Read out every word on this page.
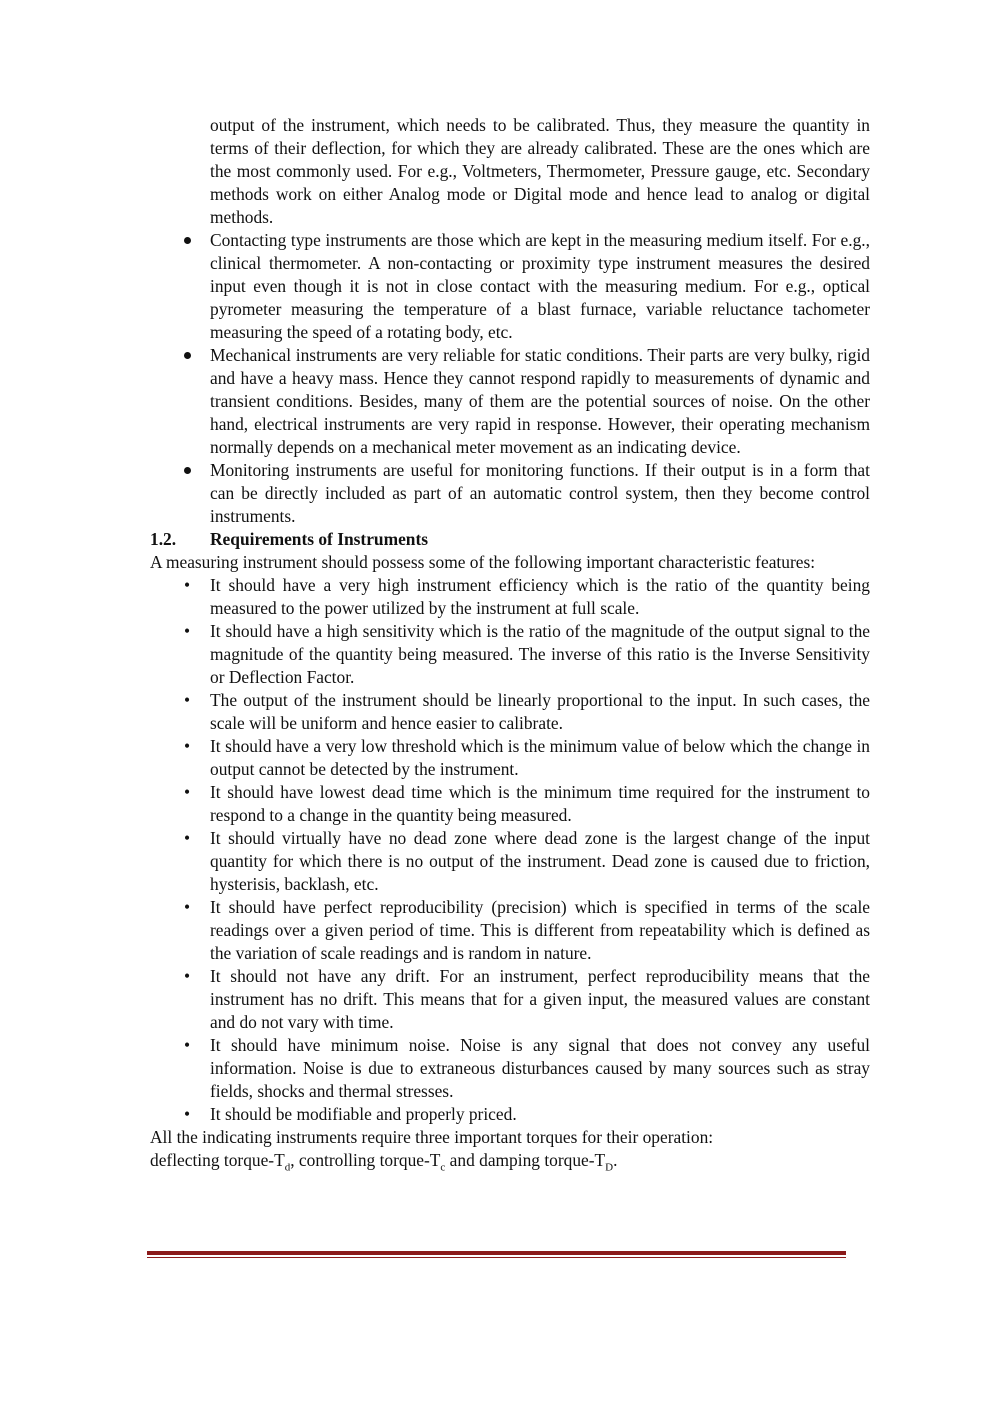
output of the instrument, which needs to be calibrated. Thus, they measure the quantity in terms of their deflection, for which they are already calibrated. These are the ones which are the most commonly used. For e.g., Voltmeters, Thermometer, Pressure gauge, etc. Secondary methods work on either Analog mode or Digital mode and hence lead to analog or digital methods.
Contacting type instruments are those which are kept in the measuring medium itself. For e.g., clinical thermometer. A non-contacting or proximity type instrument measures the desired input even though it is not in close contact with the measuring medium. For e.g., optical pyrometer measuring the temperature of a blast furnace, variable reluctance tachometer measuring the speed of a rotating body, etc.
Mechanical instruments are very reliable for static conditions. Their parts are very bulky, rigid and have a heavy mass. Hence they cannot respond rapidly to measurements of dynamic and transient conditions. Besides, many of them are the potential sources of noise. On the other hand, electrical instruments are very rapid in response. However, their operating mechanism normally depends on a mechanical meter movement as an indicating device.
Monitoring instruments are useful for monitoring functions. If their output is in a form that can be directly included as part of an automatic control system, then they become control instruments.
1.2. Requirements of Instruments
A measuring instrument should possess some of the following important characteristic features:
• It should have a very high instrument efficiency which is the ratio of the quantity being measured to the power utilized by the instrument at full scale.
• It should have a high sensitivity which is the ratio of the magnitude of the output signal to the magnitude of the quantity being measured. The inverse of this ratio is the Inverse Sensitivity or Deflection Factor.
• The output of the instrument should be linearly proportional to the input. In such cases, the scale will be uniform and hence easier to calibrate.
• It should have a very low threshold which is the minimum value of below which the change in output cannot be detected by the instrument.
• It should have lowest dead time which is the minimum time required for the instrument to respond to a change in the quantity being measured.
• It should virtually have no dead zone where dead zone is the largest change of the input quantity for which there is no output of the instrument. Dead zone is caused due to friction, hysterisis, backlash, etc.
• It should have perfect reproducibility (precision) which is specified in terms of the scale readings over a given period of time. This is different from repeatability which is defined as the variation of scale readings and is random in nature.
• It should not have any drift. For an instrument, perfect reproducibility means that the instrument has no drift. This means that for a given input, the measured values are constant and do not vary with time.
• It should have minimum noise. Noise is any signal that does not convey any useful information. Noise is due to extraneous disturbances caused by many sources such as stray fields, shocks and thermal stresses.
• It should be modifiable and properly priced.
All the indicating instruments require three important torques for their operation:
deflecting torque-$T_d$, controlling torque-$T_c$ and damping torque-$T_D$.
